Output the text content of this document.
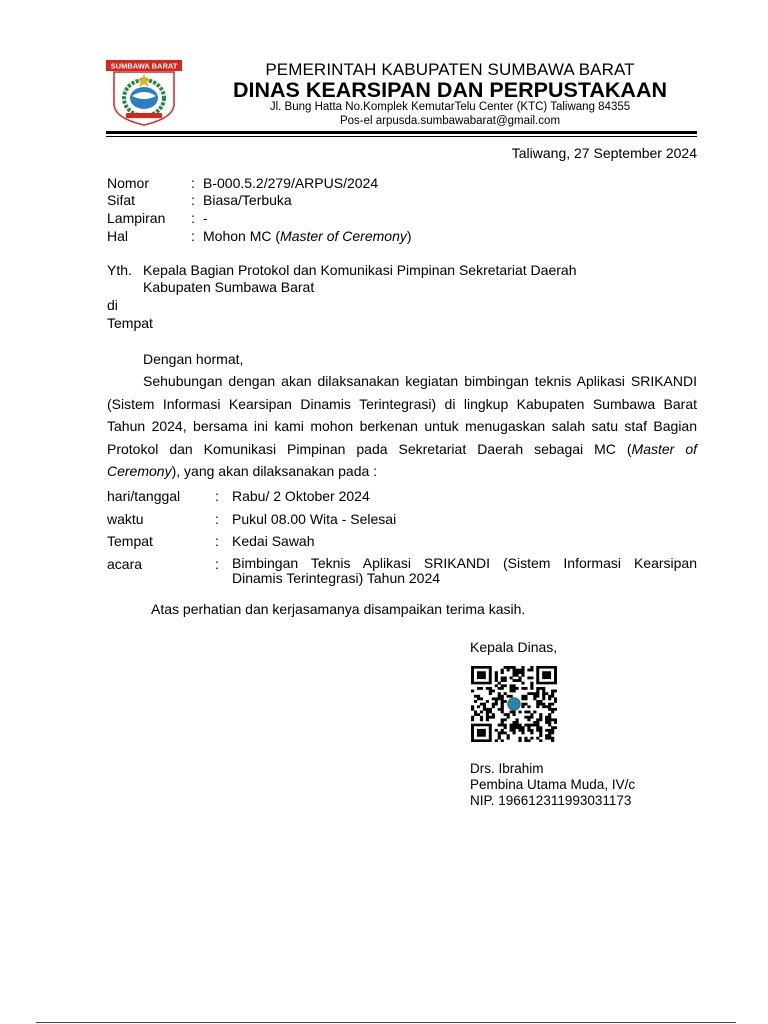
SUMBAWA BARAT	PEMERINTAH KABUPATEN SUMBAWA BARAT
DINAS KEARSIPAN DAN PERPUSTAKAAN
Jl. Bung Hatta No.Komplek KemutarTelu Center (KTC) Taliwang 84355
Pos-el arpusda.sumbawabarat@gmail.com
Taliwang, 27 September 2024
Nomor	: B-000.5.2/279/ARPUS/2024
Sifat	: Biasa/Terbuka
Lampiran : -
Hal	: Mohon MC (Master of Ceremony)
Yth. Kepala Bagian Protokol dan Komunikasi Pimpinan Sekretariat Daerah
Kabupaten Sumbawa Barat
di
Tempat
Dengan hormat,

Sehubungan dengan akan dilaksanakan kegiatan bimbingan teknis Aplikasi SRIKANDI (Sistem Informasi Kearsipan Dinamis Terintegrasi) di lingkup Kabupaten Sumbawa Barat Tahun 2024, bersama ini kami mohon berkenan untuk menugaskan salah satu staf Bagian Protokol dan Komunikasi Pimpinan pada Sekretariat Daerah sebagai MC (Master of Ceremony), yang akan dilaksanakan pada :

hari/tanggal : Rabu/ 2 Oktober 2024
waktu	: Pukul 08.00 Wita - Selesai
Tempat	: Kedai Sawah
acara	: Bimbingan Teknis Aplikasi SRIKANDI (Sistem Informasi Kearsipan Dinamis Terintegrasi) Tahun 2024
Atas perhatian dan kerjasamanya disampaikan terima kasih.
Kepala Dinas,
Drs. Ibrahim
Pembina Utama Muda, IV/c
NIP. 196612311993031173
